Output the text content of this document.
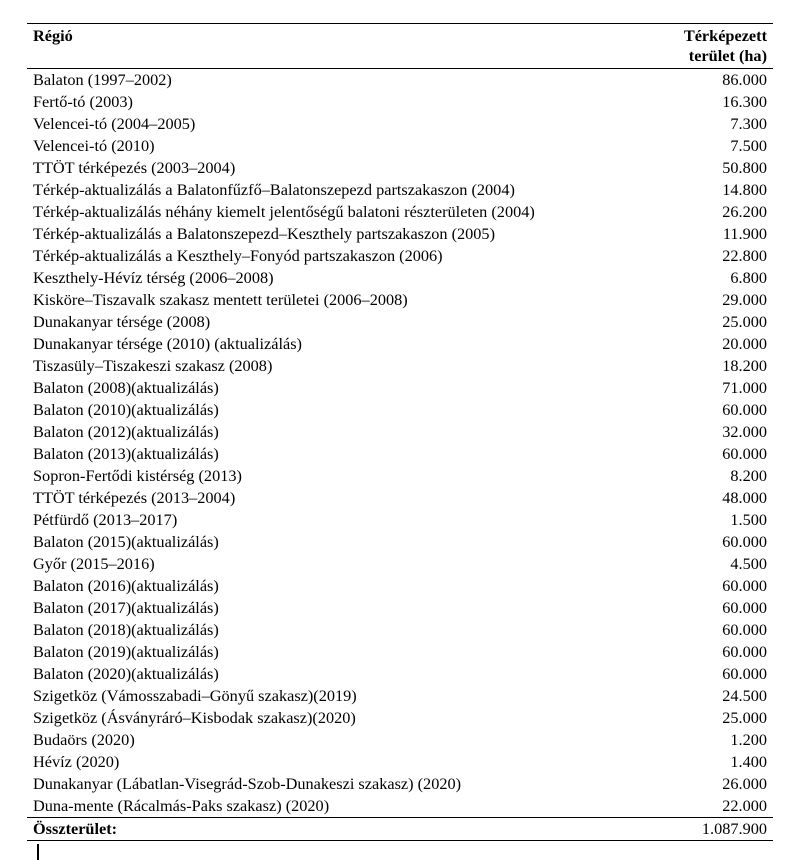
Régió	Térképezett terület (ha)
Balaton (1997–2002)	86.000
Fertő-tó (2003)	16.300
Velencei-tó (2004–2005)	7.300
Velencei-tó (2010)	7.500
TTÖT térképezés (2003–2004)	50.800
Térkép-aktualizálás a Balatonfűzfő–Balatonszepezd partszakaszon (2004)	14.800
Térkép-aktualizálás néhány kiemelt jelentőségű balatoni részterületen (2004)	26.200
Térkép-aktualizálás a Balatonszepezd–Keszthely partszakaszon (2005)	11.900
Térkép-aktualizálás a Keszthely–Fonyód partszakaszon (2006)	22.800
Keszthely-Hévíz térség (2006–2008)	6.800
Kisköre–Tiszavalk szakasz mentett területei (2006–2008)	29.000
Dunakanyar térsége (2008)	25.000
Dunakanyar térsége (2010) (aktualizálás)	20.000
Tiszasüly–Tiszakeszi szakasz (2008)	18.200
Balaton (2008)(aktualizálás)	71.000
Balaton (2010)(aktualizálás)	60.000
Balaton (2012)(aktualizálás)	32.000
Balaton (2013)(aktualizálás)	60.000
Sopron-Fertődi kistérség (2013)	8.200
TTÖT térképezés (2013–2004)	48.000
Pétfürdő (2013–2017)	1.500
Balaton (2015)(aktualizálás)	60.000
Győr (2015–2016)	4.500
Balaton (2016)(aktualizálás)	60.000
Balaton (2017)(aktualizálás)	60.000
Balaton (2018)(aktualizálás)	60.000
Balaton (2019)(aktualizálás)	60.000
Balaton (2020)(aktualizálás)	60.000
Szigetköz (Vámosszabadi–Gönyű szakasz)(2019)	24.500
Szigetköz (Ásványráró–Kisbodak szakasz)(2020)	25.000
Budaörs (2020)	1.200
Hévíz (2020)	1.400
Dunakanyar (Lábatlan-Visegrád-Szob-Dunakeszi szakasz) (2020)	26.000
Duna-mente (Rácalmás-Paks szakasz) (2020)	22.000
Összterület:	1.087.900
